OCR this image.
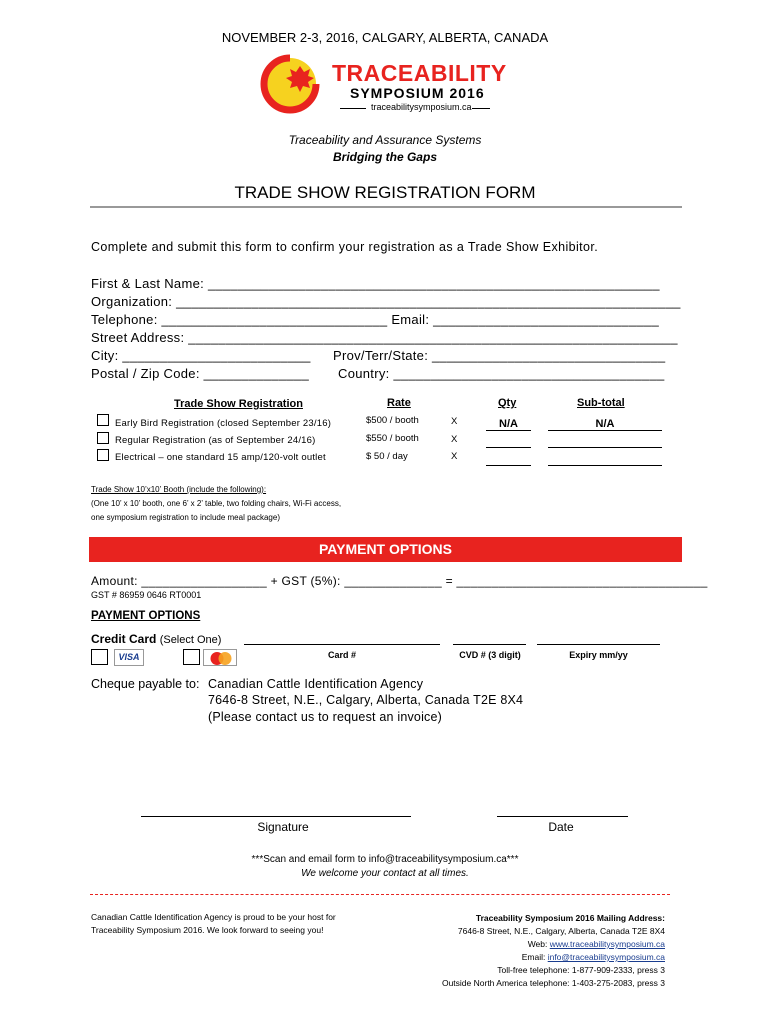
NOVEMBER 2-3, 2016, CALGARY, ALBERTA, CANADA
TRACEABILITY
SYMPOSIUM 2016
traceabilitysymposium.ca
Traceability and Assurance Systems
Bridging the Gaps
TRADE SHOW REGISTRATION FORM
Complete and submit this form to confirm your registration as a Trade Show Exhibitor.
First & Last Name: ____________________________________________________________
Organization: ___________________________________________________________________
Telephone: ______________________________ Email: ______________________________
Street Address: _________________________________________________________________
City: _________________________ Prov/Terr/State: _______________________________
Postal / Zip Code: ______________ Country: ____________________________________
Trade Show Registration	Rate	Qty	Sub-total
Early Bird Registration (closed September 23/16)	$500 / booth	X	N/A	N/A
Regular Registration (as of September 24/16)	$550 / booth	X
Electrical – one standard 15 amp/120-volt outlet	$ 50 / day	X
Trade Show 10’x10’ Booth (include the following):
(One 10’ x 10’ booth, one 6’ x 2’ table, two folding chairs, Wi-Fi access,
one symposium registration to include meal package)
PAYMENT OPTIONS
Amount: __________________ + GST (5%): ______________ = ____________________________________
GST # 86959 0646 RT0001
PAYMENT OPTIONS
Credit Card (Select One)
Card #	CVD # (3 digit)	Expiry mm/yy
VISA
Cheque payable to: Canadian Cattle Identification Agency
7646-8 Street, N.E., Calgary, Alberta, Canada T2E 8X4
(Please contact us to request an invoice)
Signature	Date
***Scan and email form to info@traceabilitysymposium.ca***
We welcome your contact at all times.
Canadian Cattle Identification Agency is proud to be your host for
Traceability Symposium 2016. We look forward to seeing you!
Traceability Symposium 2016 Mailing Address:
7646-8 Street, N.E., Calgary, Alberta, Canada T2E 8X4
Web: www.traceabilitysymposium.ca
Email: info@traceabilitysymposium.ca
Toll-free telephone: 1-877-909-2333, press 3
Outside North America telephone: 1-403-275-2083, press 3
